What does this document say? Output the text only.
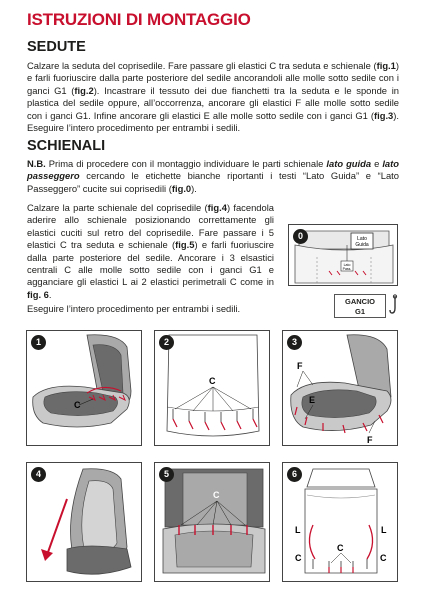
ISTRUZIONI DI MONTAGGIO
SEDUTE
Calzare la seduta del coprisedile. Fare passare gli elastici C tra seduta e schienale (fig.1) e farli fuoriuscire dalla parte posteriore del sedile ancorandoli alle molle sotto sedile con i ganci G1 (fig.2). Incastrare il tessuto dei due fianchetti tra la seduta e le sponde in plastica del sedile oppure, all’occorrenza, ancorare gli elastici F alle molle sotto sedile con i ganci G1. Infine ancorare gli elastici E alle molle sotto sedile con i ganci G1 (fig.3). Eseguire l’intero procedimento per entrambi i sedili.
SCHIENALI
N.B. Prima di procedere con il montaggio individuare le parti schienale lato guida e lato passeggero cercando le etichette bianche riportanti i testi “Lato Guida” e “Lato Passeggero” cucite sui coprisedili (fig.0).
Calzare la parte schienale del coprisedile (fig.4) facendola aderire allo schienale posizionando correttamente gli elastici cuciti sul retro del coprisedile. Fare passare i 5 elastici C tra seduta e schienale (fig.5) e farli fuoriuscire dalla parte posteriore del sedile. Ancorare i 3 elsastici centrali C alle molle sotto sedile con i ganci G1 e agganciare gli elastici L ai 2 elastici perimetrali C come in fig. 6.
Eseguire l’intero procedimento per entrambi i sedili.
Lato
Guida
Lato
Pass.
0
GANCIO
G1
C
1
C
2
F
E
F
3
4
C
5
L	L
C
C
C
6
